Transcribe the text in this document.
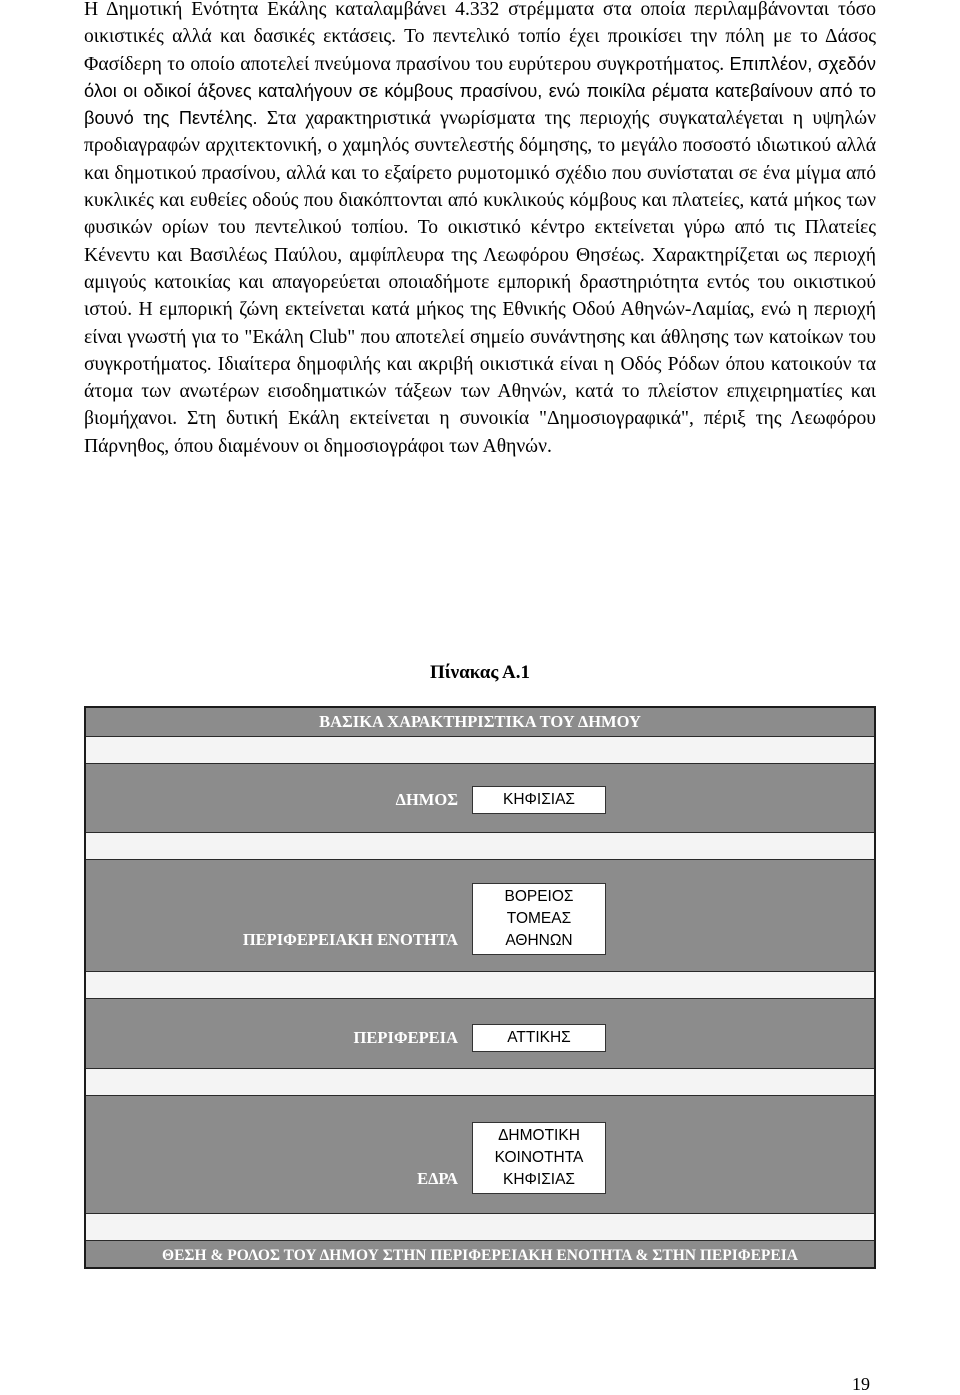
Η Δημοτική Ενότητα Εκάλης καταλαμβάνει 4.332 στρέμματα στα οποία περιλαμβάνονται τόσο οικιστικές αλλά και δασικές εκτάσεις. Το πεντελικό τοπίο έχει προικίσει την πόλη με το Δάσος Φασίδερη το οποίο αποτελεί πνεύμονα πρασίνου του ευρύτερου συγκροτήματος. Επιπλέον, σχεδόν όλοι οι οδικοί άξονες καταλήγουν σε κόμβους πρασίνου, ενώ ποικίλα ρέματα κατεβαίνουν από το βουνό της Πεντέλης. Στα χαρακτηριστικά γνωρίσματα της περιοχής συγκαταλέγεται η υψηλών προδιαγραφών αρχιτεκτονική, ο χαμηλός συντελεστής δόμησης, το μεγάλο ποσοστό ιδιωτικού αλλά και δημοτικού πρασίνου, αλλά και το εξαίρετο ρυμοτομικό σχέδιο που συνίσταται σε ένα μίγμα από κυκλικές και ευθείες οδούς που διακόπτονται από κυκλικούς κόμβους και πλατείες, κατά μήκος των φυσικών ορίων του πεντελικού τοπίου. Το οικιστικό κέντρο εκτείνεται γύρω από τις Πλατείες Κένεντυ και Βασιλέως Παύλου, αμφίπλευρα της Λεωφόρου Θησέως. Χαρακτηρίζεται ως περιοχή αμιγούς κατοικίας και απαγορεύεται οποιαδήμοτε εμπορική δραστηριότητα εντός του οικιστικού ιστού. Η εμπορική ζώνη εκτείνεται κατά μήκος της Εθνικής Οδού Αθηνών-Λαμίας, ενώ η περιοχή είναι γνωστή για το "Εκάλη Club" που αποτελεί σημείο συνάντησης και άθλησης των κατοίκων του συγκροτήματος. Ιδιαίτερα δημοφιλής και ακριβή οικιστικά είναι η Οδός Ρόδων όπου κατοικούν τα άτομα των ανωτέρων εισοδηματικών τάξεων των Αθηνών, κατά το πλείστον επιχειρηματίες και βιομήχανοι. Στη δυτική Εκάλη εκτείνεται η συνοικία "Δημοσιογραφικά", πέριξ της Λεωφόρου Πάρνηθος, όπου διαμένουν οι δημοσιογράφοι των Αθηνών.
Πίνακας Α.1
ΒΑΣΙΚΑ ΧΑΡΑΚΤΗΡΙΣΤΙΚΑ ΤΟΥ ΔΗΜΟΥ
ΔΗΜΟΣ	ΚΗΦΙΣΙΑΣ
ΠΕΡΙΦΕΡΕΙΑΚΗ ΕΝΟΤΗΤΑ
ΒΟΡΕΙΟΣ ΤΟΜΕΑΣ ΑΘΗΝΩΝ
ΠΕΡΙΦΕΡΕΙΑ	ΑΤΤΙΚΗΣ
ΕΔΡΑ
ΔΗΜΟΤΙΚΗ ΚΟΙΝΟΤΗΤΑ ΚΗΦΙΣΙΑΣ
ΘΕΣΗ & ΡΟΛΟΣ ΤΟΥ ΔΗΜΟΥ ΣΤΗΝ ΠΕΡΙΦΕΡΕΙΑΚΗ ΕΝΟΤΗΤΑ & ΣΤΗΝ ΠΕΡΙΦΕΡΕΙΑ
19
